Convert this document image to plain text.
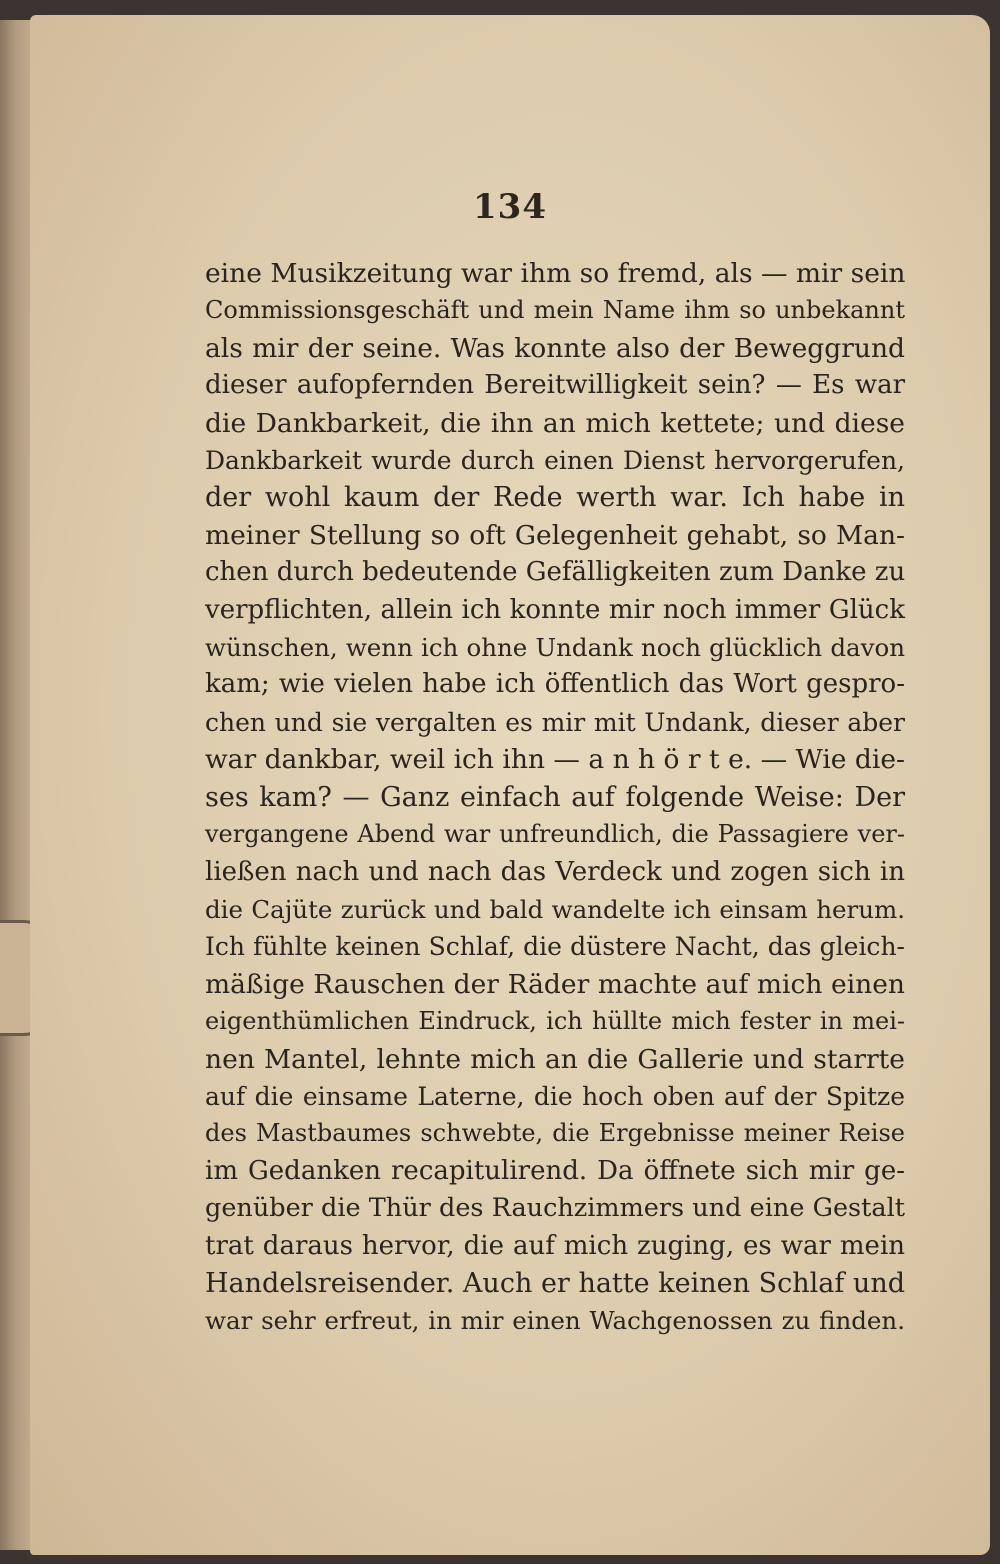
134
eine Musikzeitung war ihm so fremd, als — mir sein
Commissionsgeschäft und mein Name ihm so unbekannt
als mir der seine. Was konnte also der Beweggrund
dieser aufopfernden Bereitwilligkeit sein? — Es war
die Dankbarkeit, die ihn an mich kettete; und diese
Dankbarkeit wurde durch einen Dienst hervorgerufen,
der wohl kaum der Rede werth war. Ich habe in
meiner Stellung so oft Gelegenheit gehabt, so Man-
chen durch bedeutende Gefälligkeiten zum Danke zu
verpflichten, allein ich konnte mir noch immer Glück
wünschen, wenn ich ohne Undank noch glücklich davon
kam; wie vielen habe ich öffentlich das Wort gespro-
chen und sie vergalten es mir mit Undank, dieser aber
war dankbar, weil ich ihn — a n h ö r t e. — Wie die-
ses kam? — Ganz einfach auf folgende Weise: Der
vergangene Abend war unfreundlich, die Passagiere ver-
ließen nach und nach das Verdeck und zogen sich in
die Cajüte zurück und bald wandelte ich einsam herum.
Ich fühlte keinen Schlaf, die düstere Nacht, das gleich-
mäßige Rauschen der Räder machte auf mich einen
eigenthümlichen Eindruck, ich hüllte mich fester in mei-
nen Mantel, lehnte mich an die Gallerie und starrte
auf die einsame Laterne, die hoch oben auf der Spitze
des Mastbaumes schwebte, die Ergebnisse meiner Reise
im Gedanken recapitulirend. Da öffnete sich mir ge-
genüber die Thür des Rauchzimmers und eine Gestalt
trat daraus hervor, die auf mich zuging, es war mein
Handelsreisender. Auch er hatte keinen Schlaf und
war sehr erfreut, in mir einen Wachgenossen zu finden.
